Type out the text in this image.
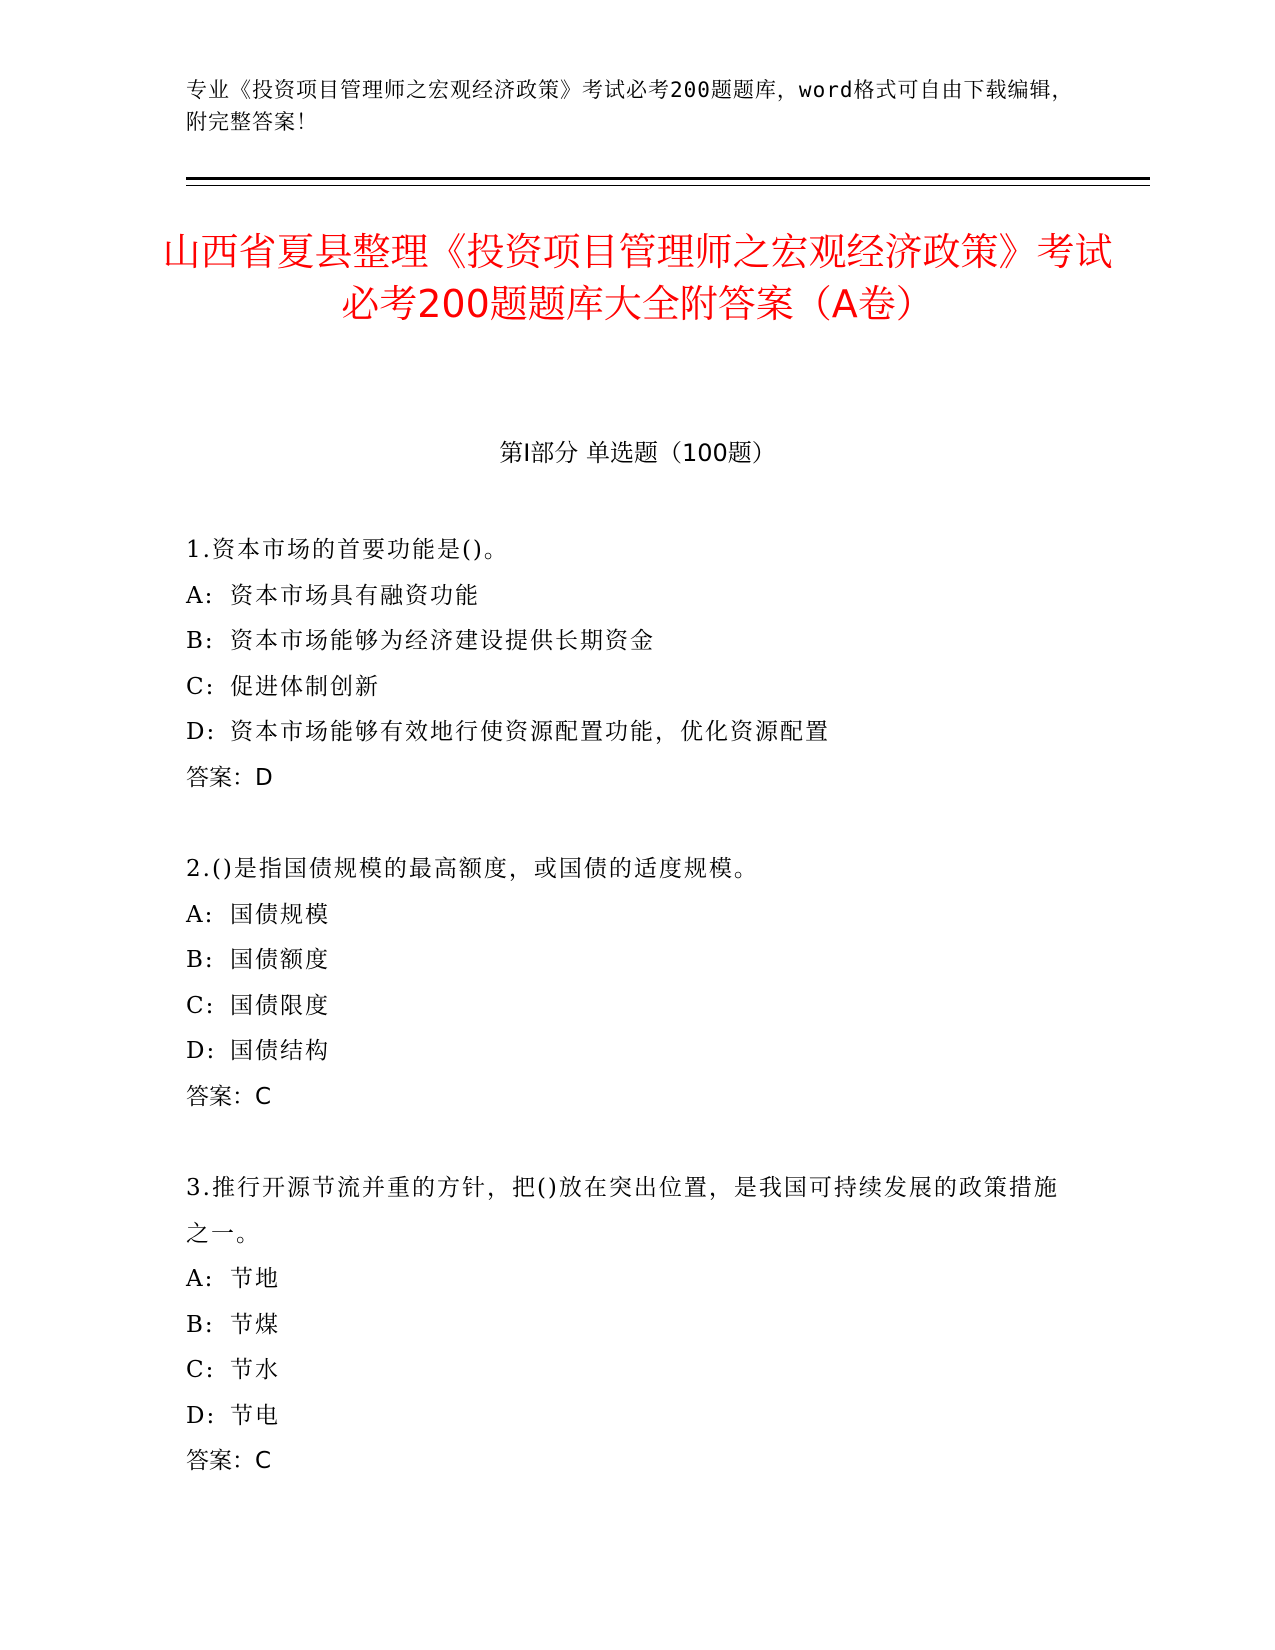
专业《投资项目管理师之宏观经济政策》考试必考200题题库，word格式可自由下载编辑，附完整答案！
山西省夏县整理《投资项目管理师之宏观经济政策》考试必考200题题库大全附答案（A卷）
第Ⅰ部分 单选题（100题）
1.资本市场的首要功能是()。
A: 资本市场具有融资功能
B: 资本市场能够为经济建设提供长期资金
C: 促进体制创新
D: 资本市场能够有效地行使资源配置功能，优化资源配置
答案：D
2.()是指国债规模的最高额度，或国债的适度规模。
A: 国债规模
B: 国债额度
C: 国债限度
D: 国债结构
答案：C
3.推行开源节流并重的方针，把()放在突出位置，是我国可持续发展的政策措施之一。
A: 节地
B: 节煤
C: 节水
D: 节电
答案：C
